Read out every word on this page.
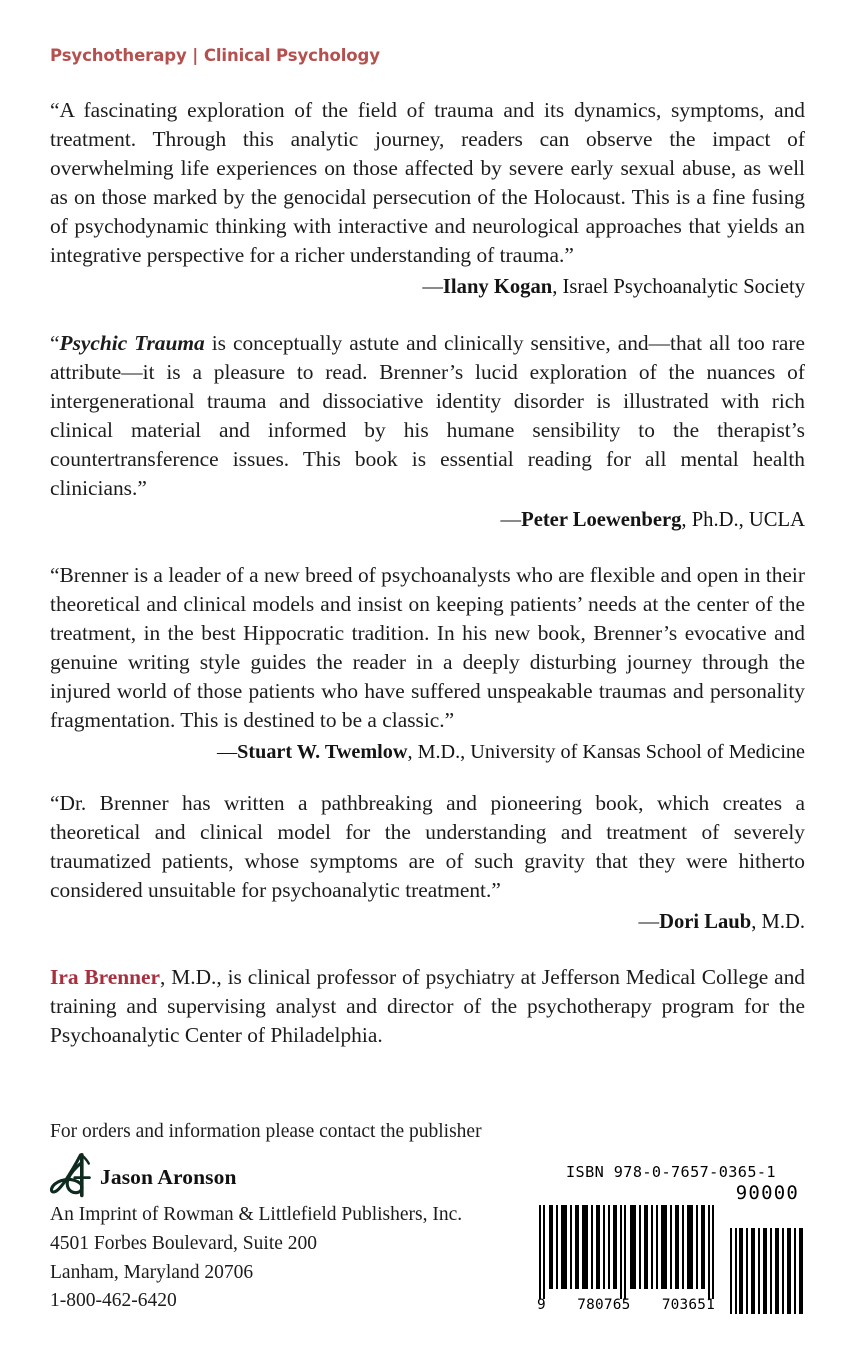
Psychotherapy | Clinical Psychology

“A fascinating exploration of the field of trauma and its dynamics, symptoms, and treatment. Through this analytic journey, readers can observe the impact of overwhelming life experiences on those affected by severe early sexual abuse, as well as on those marked by the genocidal persecution of the Holocaust. This is a fine fusing of psychodynamic thinking with interactive and neurological approaches that yields an integrative perspective for a richer understanding of trauma.”

—Ilany Kogan, Israel Psychoanalytic Society

“Psychic Trauma is conceptually astute and clinically sensitive, and—that all too rare attribute—it is a pleasure to read. Brenner’s lucid exploration of the nuances of intergenerational trauma and dissociative identity disorder is illustrated with rich clinical material and informed by his humane sensibility to the therapist’s countertransference issues. This book is essential reading for all mental health clinicians.”

—Peter Loewenberg, Ph.D., UCLA

“Brenner is a leader of a new breed of psychoanalysts who are flexible and open in their theoretical and clinical models and insist on keeping patients’ needs at the center of the treatment, in the best Hippocratic tradition. In his new book, Brenner’s evocative and genuine writing style guides the reader in a deeply disturbing journey through the injured world of those patients who have suffered unspeakable traumas and personality fragmentation. This is destined to be a classic.”

—Stuart W. Twemlow, M.D., University of Kansas School of Medicine

“Dr. Brenner has written a pathbreaking and pioneering book, which creates a theoretical and clinical model for the understanding and treatment of severely traumatized patients, whose symptoms are of such gravity that they were hitherto considered unsuitable for psychoanalytic treatment.”

—Dori Laub, M.D.

Ira Brenner, M.D., is clinical professor of psychiatry at Jefferson Medical College and training and supervising analyst and director of the psychotherapy program for the Psychoanalytic Center of Philadelphia.

For orders and information please contact the publisher

Jason Aronson

An Imprint of Rowman & Littlefield Publishers, Inc.

4501 Forbes Boulevard, Suite 200

Lanham, Maryland 20706

1-800-462-6420

ISBN 978-0-7657-0365-1

90000

9 780765 703651
